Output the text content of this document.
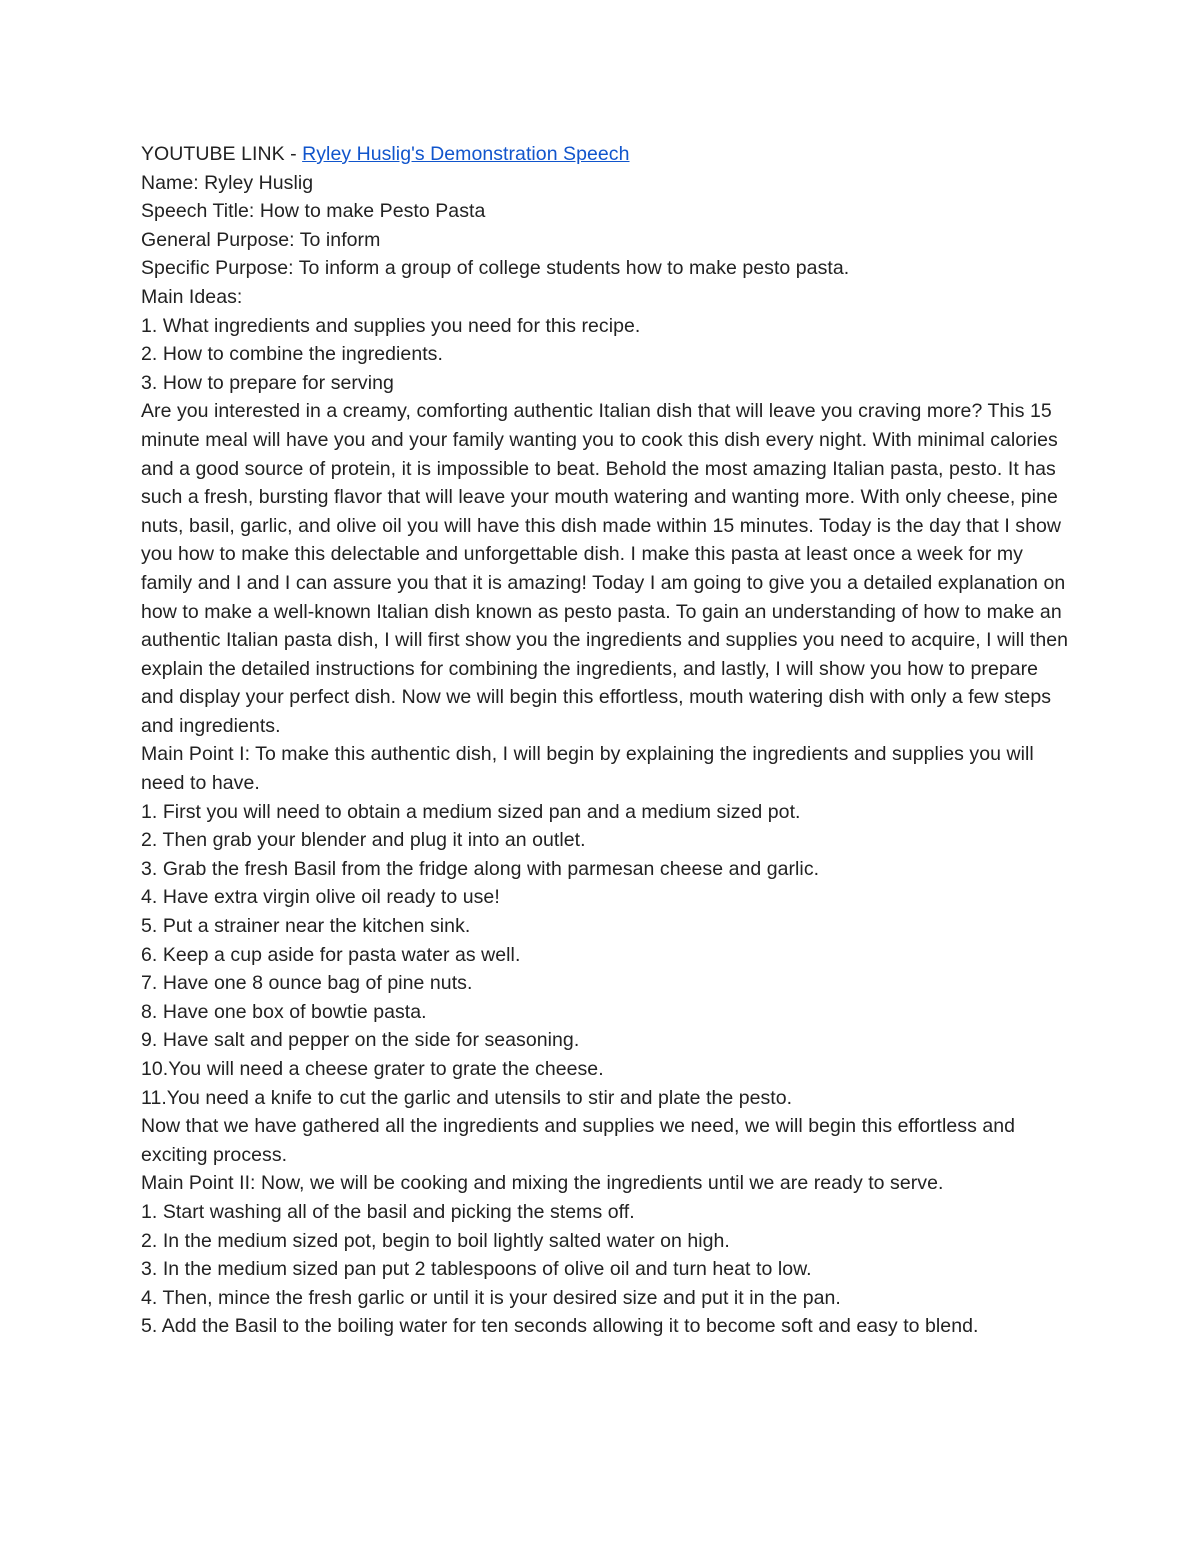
YOUTUBE LINK - Ryley Huslig's Demonstration Speech

Name: Ryley Huslig

Speech Title: How to make Pesto Pasta

General Purpose: To inform

Specific Purpose: To inform a group of college students how to make pesto pasta.

Main Ideas:

1. What ingredients and supplies you need for this recipe.

2. How to combine the ingredients.

3. How to prepare for serving

Are you interested in a creamy, comforting authentic Italian dish that will leave you craving more? This 15 minute meal will have you and your family wanting you to cook this dish every night. With minimal calories and a good source of protein, it is impossible to beat. Behold the most amazing Italian pasta, pesto. It has such a fresh, bursting flavor that will leave your mouth watering and wanting more. With only cheese, pine nuts, basil, garlic, and olive oil you will have this dish made within 15 minutes. Today is the day that I show you how to make this delectable and unforgettable dish. I make this pasta at least once a week for my family and I and I can assure you that it is amazing! Today I am going to give you a detailed explanation on how to make a well-known Italian dish known as pesto pasta. To gain an understanding of how to make an authentic Italian pasta dish, I will first show you the ingredients and supplies you need to acquire, I will then explain the detailed instructions for combining the ingredients, and lastly, I will show you how to prepare and display your perfect dish. Now we will begin this effortless, mouth watering dish with only a few steps and ingredients.

Main Point I: To make this authentic dish, I will begin by explaining the ingredients and supplies you will need to have.

1. First you will need to obtain a medium sized pan and a medium sized pot.

2. Then grab your blender and plug it into an outlet.

3. Grab the fresh Basil from the fridge along with parmesan cheese and garlic.

4. Have extra virgin olive oil ready to use!

5. Put a strainer near the kitchen sink.

6. Keep a cup aside for pasta water as well.

7. Have one 8 ounce bag of pine nuts.

8. Have one box of bowtie pasta.

9. Have salt and pepper on the side for seasoning.

10.You will need a cheese grater to grate the cheese.

11.You need a knife to cut the garlic and utensils to stir and plate the pesto.

Now that we have gathered all the ingredients and supplies we need, we will begin this effortless and exciting process.

Main Point II: Now, we will be cooking and mixing the ingredients until we are ready to serve.

1. Start washing all of the basil and picking the stems off.

2. In the medium sized pot, begin to boil lightly salted water on high.

3. In the medium sized pan put 2 tablespoons of olive oil and turn heat to low.

4. Then, mince the fresh garlic or until it is your desired size and put it in the pan.

5. Add the Basil to the boiling water for ten seconds allowing it to become soft and easy to blend.
